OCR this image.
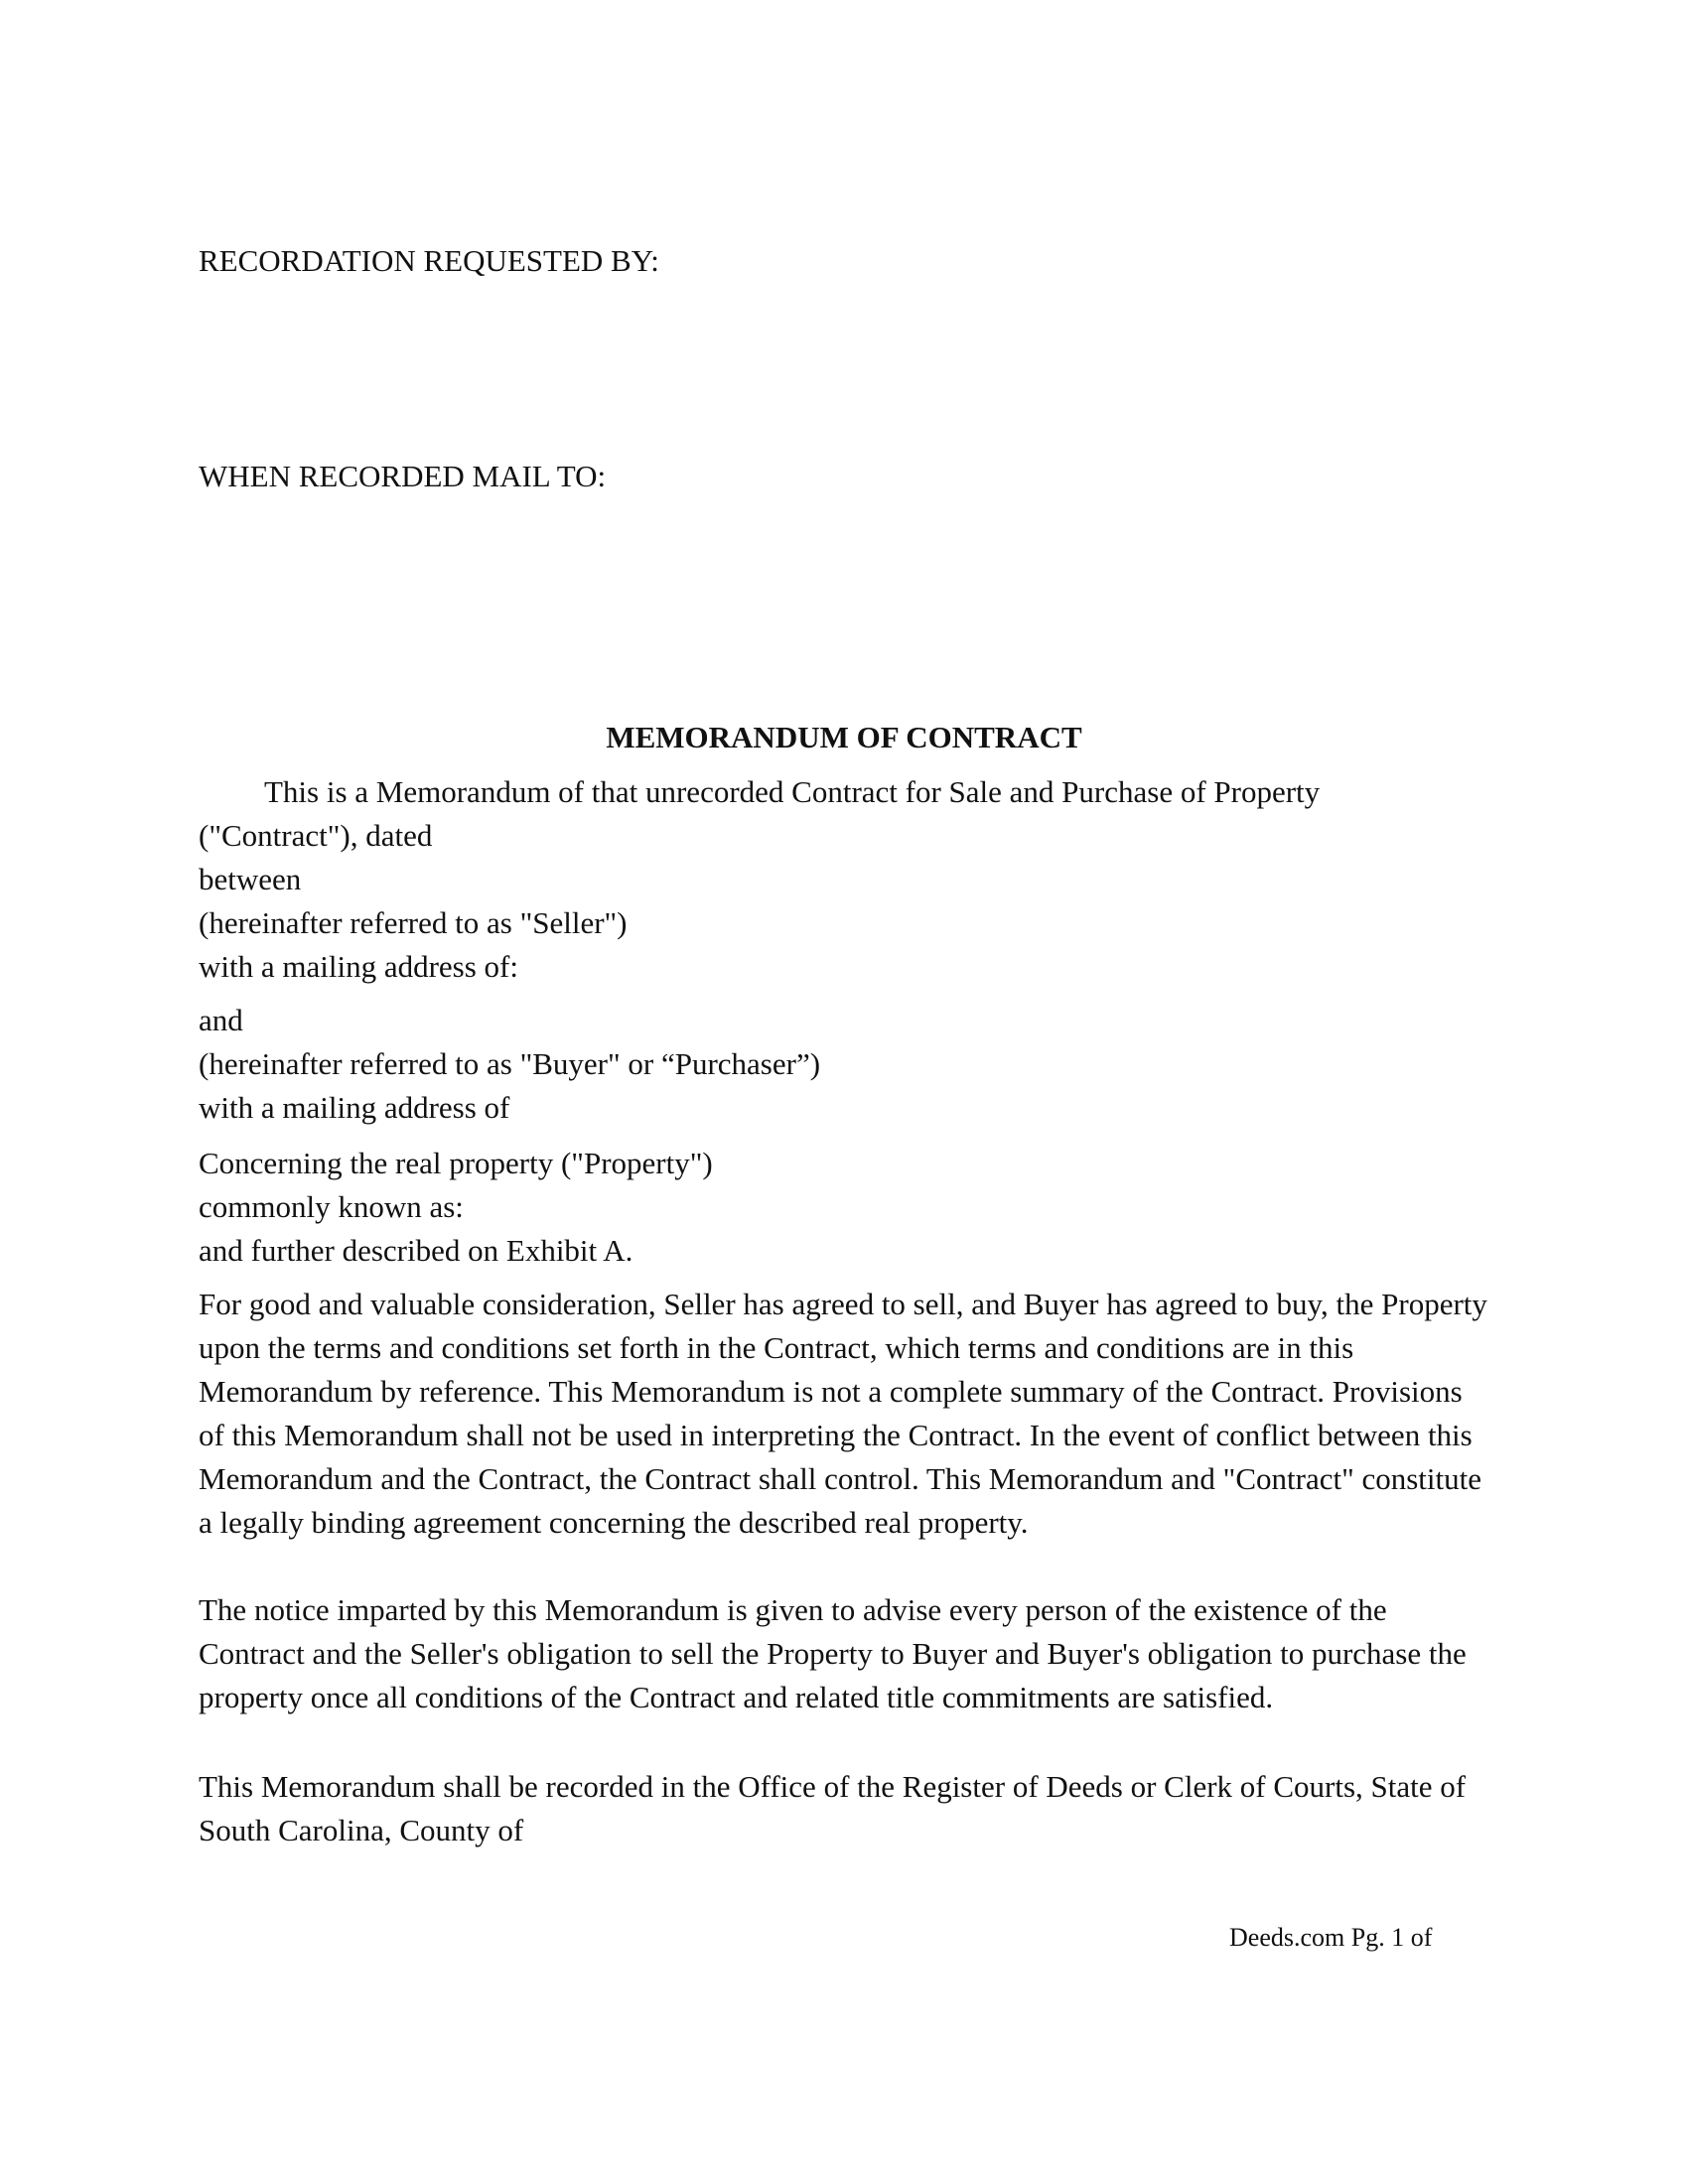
RECORDATION REQUESTED BY:
WHEN RECORDED MAIL TO:
MEMORANDUM OF CONTRACT
This is a Memorandum of that unrecorded Contract for Sale and Purchase of Property
("Contract"), dated
between
(hereinafter referred to as "Seller")
with a mailing address of:
and
(hereinafter referred to as "Buyer" or “Purchaser”)
with a mailing address of
Concerning the real property ("Property")
commonly known as:
and further described on Exhibit A.
For good and valuable consideration, Seller has agreed to sell, and Buyer has agreed to buy, the Property upon the terms and conditions set forth in the Contract, which terms and conditions are in this Memorandum by reference. This Memorandum is not a complete summary of the Contract. Provisions of this Memorandum shall not be used in interpreting the Contract. In the event of conflict between this Memorandum and the Contract, the Contract shall control. This Memorandum and "Contract" constitute a legally binding agreement concerning the described real property.
The notice imparted by this Memorandum is given to advise every person of the existence of the Contract and the Seller's obligation to sell the Property to Buyer and Buyer's obligation to purchase the property once all conditions of the Contract and related title commitments are satisfied.
This Memorandum shall be recorded in the Office of the Register of Deeds or Clerk of Courts, State of South Carolina, County of
Deeds.com Pg. 1 of
